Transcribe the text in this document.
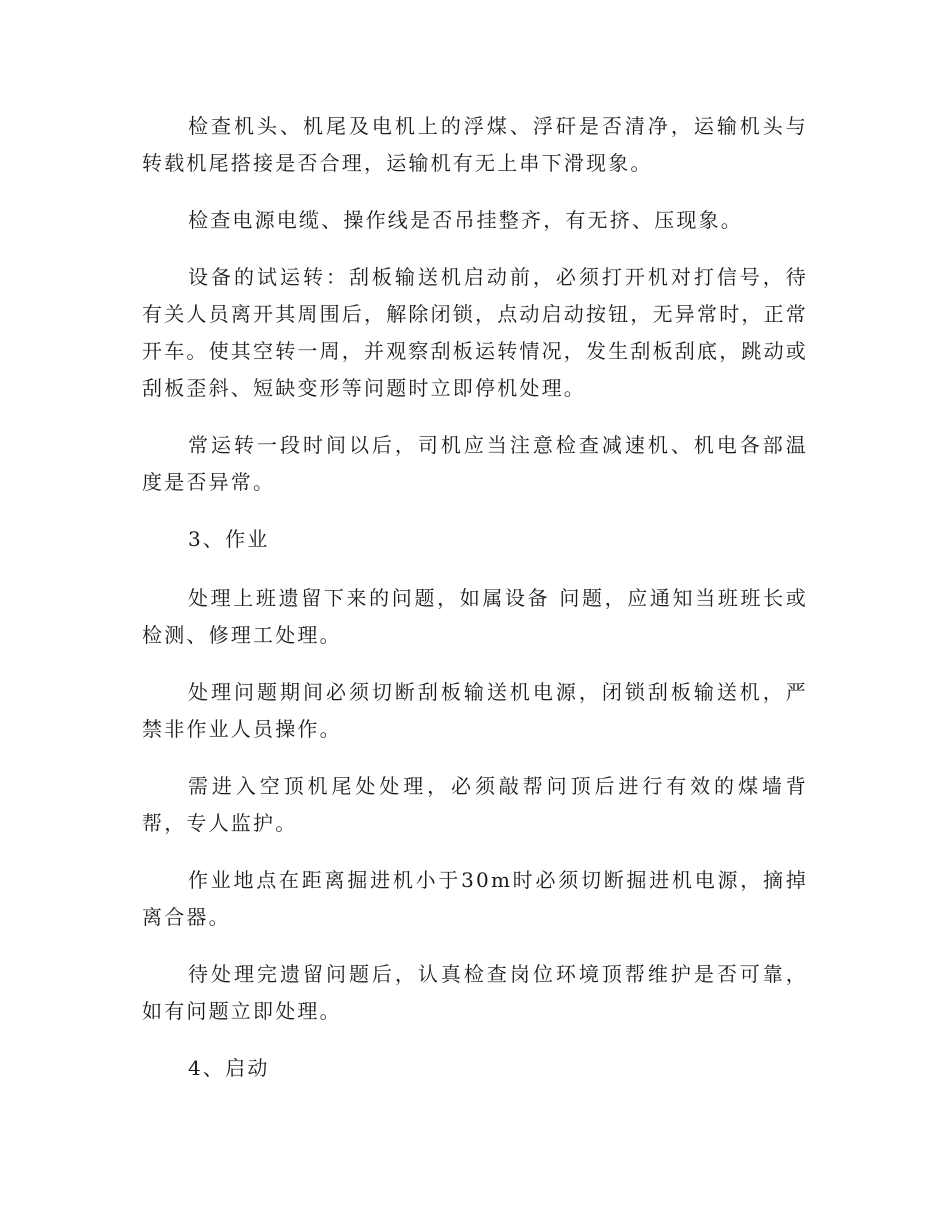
检查机头、机尾及电机上的浮煤、浮矸是否清净，运输机头与转载机尾搭接是否合理，运输机有无上串下滑现象。

检查电源电缆、操作线是否吊挂整齐，有无挤、压现象。

设备的试运转：刮板输送机启动前，必须打开机对打信号，待有关人员离开其周围后，解除闭锁，点动启动按钮，无异常时，正常开车。使其空转一周，并观察刮板运转情况，发生刮板刮底，跳动或刮板歪斜、短缺变形等问题时立即停机处理。

常运转一段时间以后，司机应当注意检查减速机、机电各部温度是否异常。

3、作业

处理上班遗留下来的问题，如属设备 问题，应通知当班班长或检测、修理工处理。

处理问题期间必须切断刮板输送机电源，闭锁刮板输送机，严禁非作业人员操作。

需进入空顶机尾处处理，必须敲帮问顶后进行有效的煤墙背帮，专人监护。

作业地点在距离掘进机小于30m时必须切断掘进机电源，摘掉离合器。

待处理完遗留问题后，认真检查岗位环境顶帮维护是否可靠，如有问题立即处理。

4、启动
